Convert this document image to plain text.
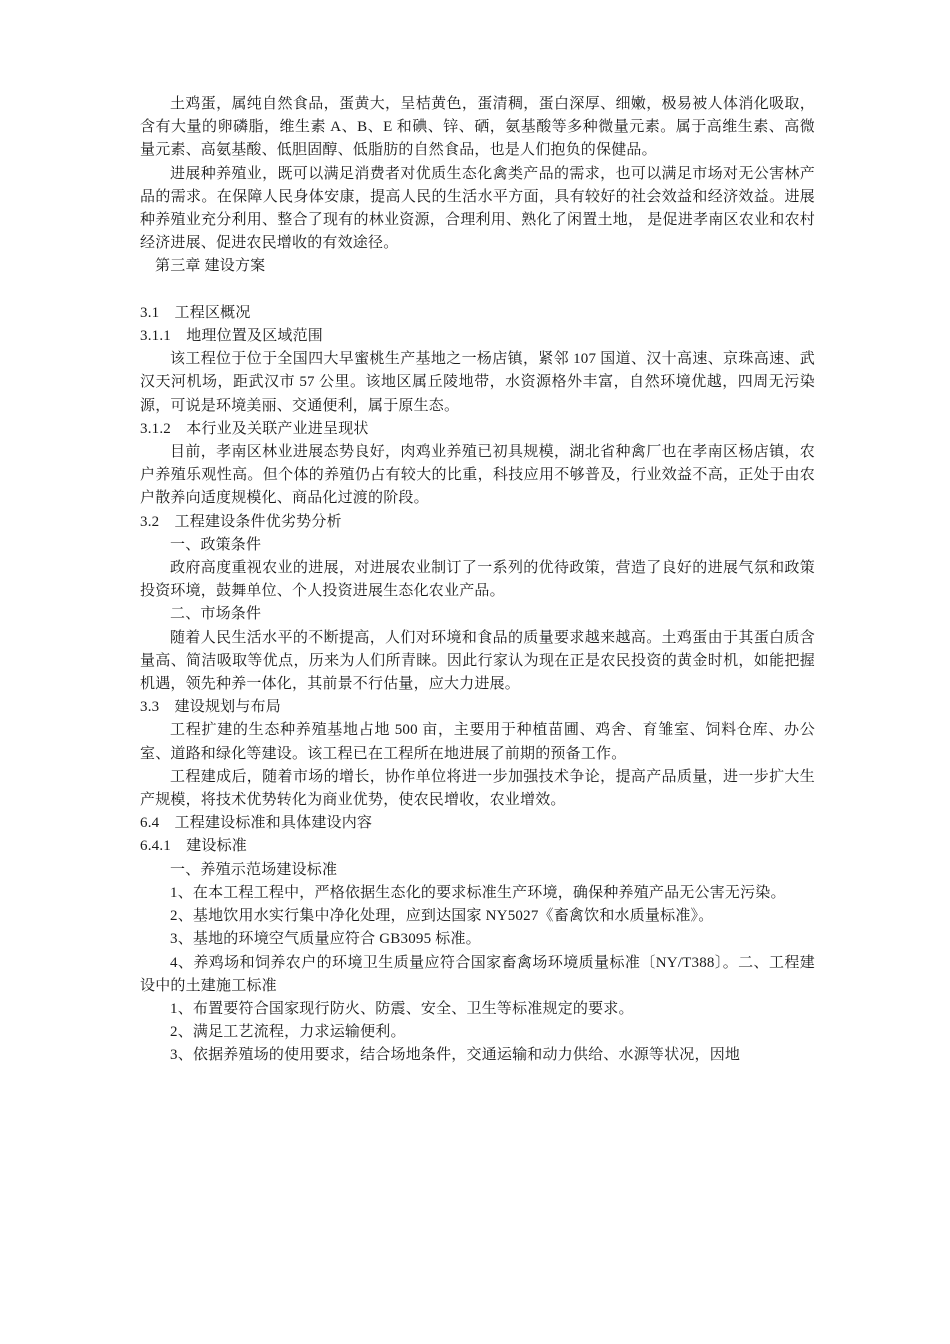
土鸡蛋，属纯自然食品，蛋黄大，呈桔黄色，蛋清稠，蛋白深厚、细嫩，极易被人体消化吸取，含有大量的卵磷脂，维生素 A、B、E 和碘、锌、硒，氨基酸等多种微量元素。属于高维生素、高微量元素、高氨基酸、低胆固醇、低脂肪的自然食品，也是人们抱负的保健品。

进展种养殖业，既可以满足消费者对优质生态化禽类产品的需求，也可以满足市场对无公害林产品的需求。在保障人民身体安康，提高人民的生活水平方面，具有较好的社会效益和经济效益。进展种养殖业充分利用、整合了现有的林业资源，合理利用、熟化了闲置土地， 是促进孝南区农业和农村经济进展、促进农民增收的有效途径。

第三章 建设方案

3.1　工程区概况

3.1.1　地理位置及区域范围

该工程位于位于全国四大早蜜桃生产基地之一杨店镇，紧邻 107 国道、汉十高速、京珠高速、武汉天河机场，距武汉市 57 公里。该地区属丘陵地带，水资源格外丰富，自然环境优越，四周无污染源，可说是环境美丽、交通便利，属于原生态。

3.1.2　本行业及关联产业进呈现状

目前，孝南区林业进展态势良好，肉鸡业养殖已初具规模，湖北省种禽厂也在孝南区杨店镇，农户养殖乐观性高。但个体的养殖仍占有较大的比重，科技应用不够普及，行业效益不高，正处于由农户散养向适度规模化、商品化过渡的阶段。

3.2　工程建设条件优劣势分析

一、政策条件

政府高度重视农业的进展，对进展农业制订了一系列的优待政策，营造了良好的进展气氛和政策投资环境，鼓舞单位、个人投资进展生态化农业产品。

二、市场条件

随着人民生活水平的不断提高，人们对环境和食品的质量要求越来越高。土鸡蛋由于其蛋白质含量高、简洁吸取等优点，历来为人们所青睐。因此行家认为现在正是农民投资的黄金时机，如能把握机遇，领先种养一体化，其前景不行估量，应大力进展。

3.3　建设规划与布局

工程扩建的生态种养殖基地占地 500 亩，主要用于种植苗圃、鸡舍、育雏室、饲料仓库、办公室、道路和绿化等建设。该工程已在工程所在地进展了前期的预备工作。

工程建成后，随着市场的增长，协作单位将进一步加强技术争论，提高产品质量，进一步扩大生产规模，将技术优势转化为商业优势，使农民增收，农业增效。

6.4　工程建设标准和具体建设内容

6.4.1　建设标准

一、养殖示范场建设标准

1、在本工程工程中，严格依据生态化的要求标准生产环境，确保种养殖产品无公害无污染。

2、基地饮用水实行集中净化处理，应到达国家 NY5027《畜禽饮和水质量标准》。

3、基地的环境空气质量应符合 GB3095 标准。

4、养鸡场和饲养农户的环境卫生质量应符合国家畜禽场环境质量标准〔NY/T388〕。二、工程建设中的土建施工标准

1、布置要符合国家现行防火、防震、安全、卫生等标准规定的要求。

2、满足工艺流程，力求运输便利。

3、依据养殖场的使用要求，结合场地条件，交通运输和动力供给、水源等状况，因地
